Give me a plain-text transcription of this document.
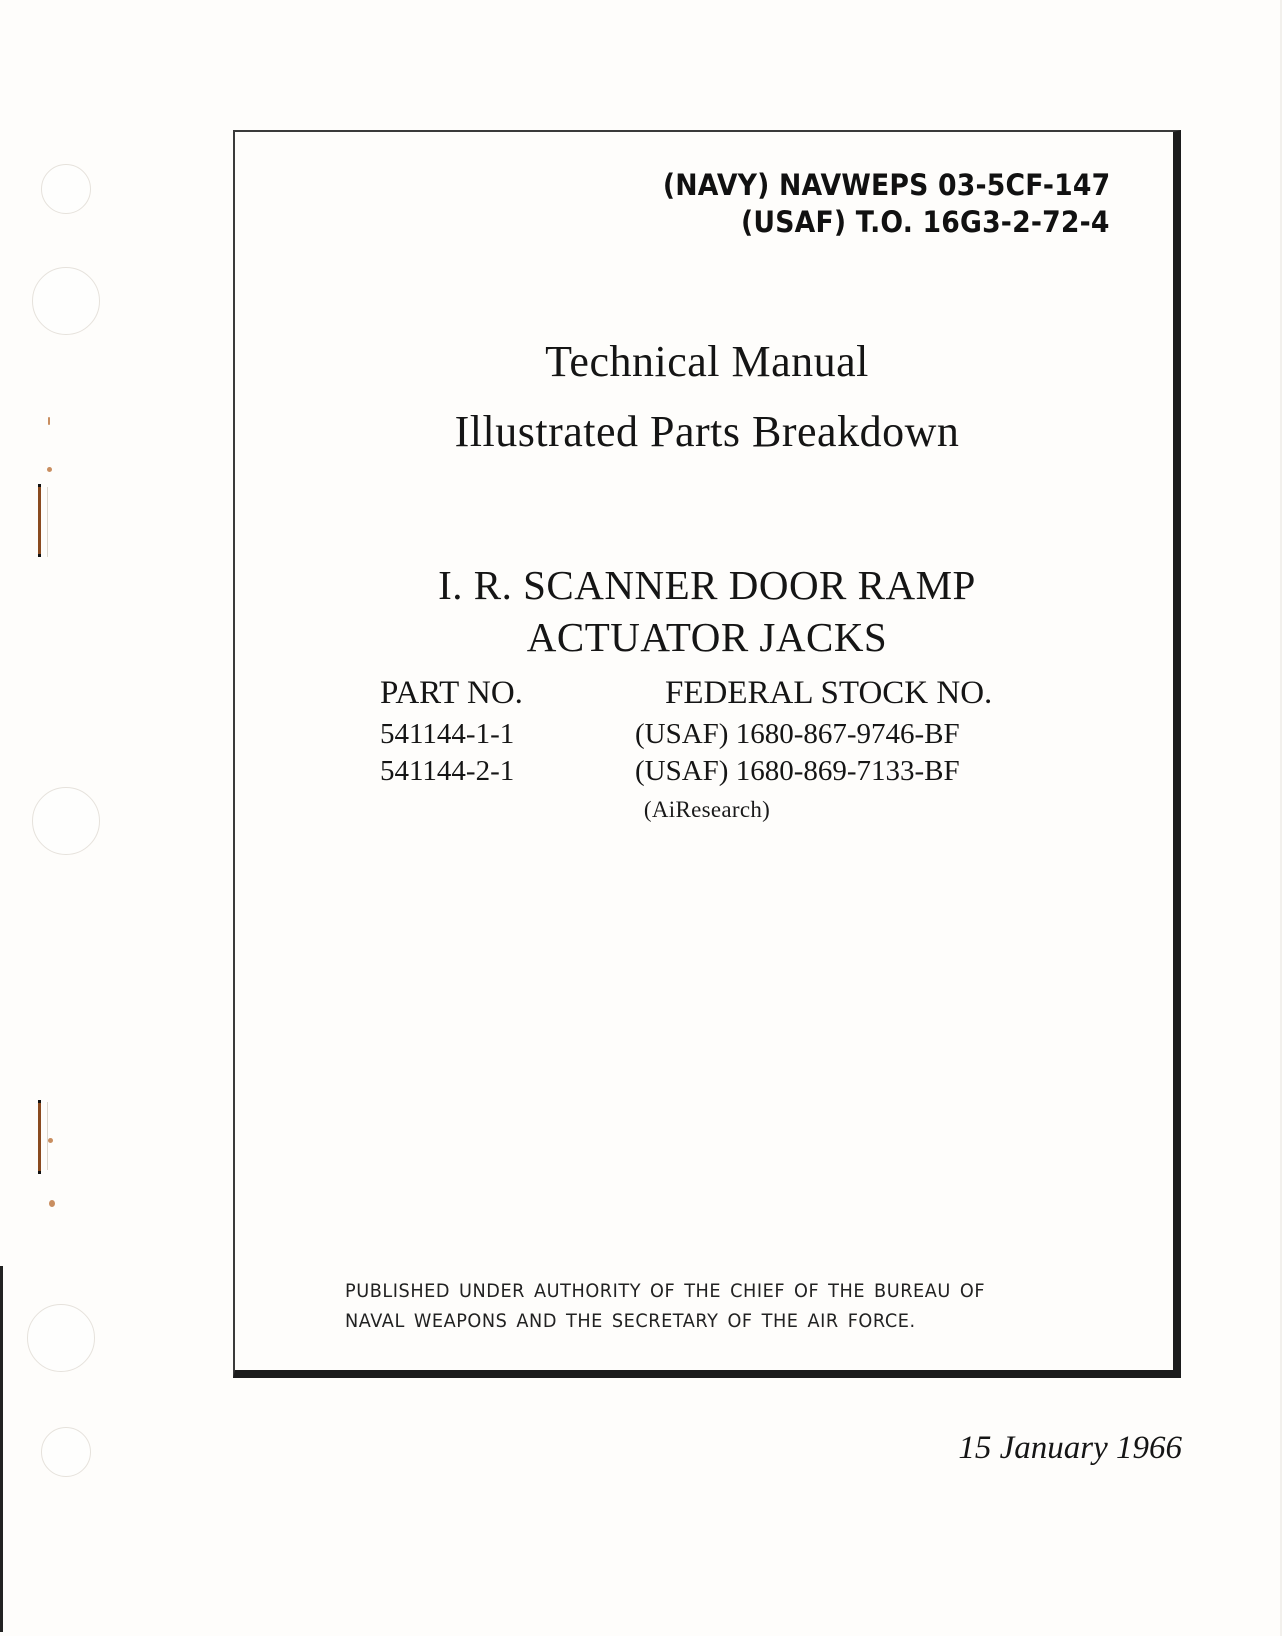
(NAVY) NAVWEPS 03-5CF-147
(USAF) T.O. 16G3-2-72-4
Technical Manual
Illustrated Parts Breakdown
I. R. SCANNER DOOR RAMP
ACTUATOR JACKS
PART NO.	FEDERAL STOCK NO.
541144-1-1	(USAF) 1680-867-9746-BF
541144-2-1	(USAF) 1680-869-7133-BF
(AiResearch)
PUBLISHED UNDER AUTHORITY OF THE CHIEF OF THE BUREAU OF
NAVAL WEAPONS AND THE SECRETARY OF THE AIR FORCE.
15 January 1966
